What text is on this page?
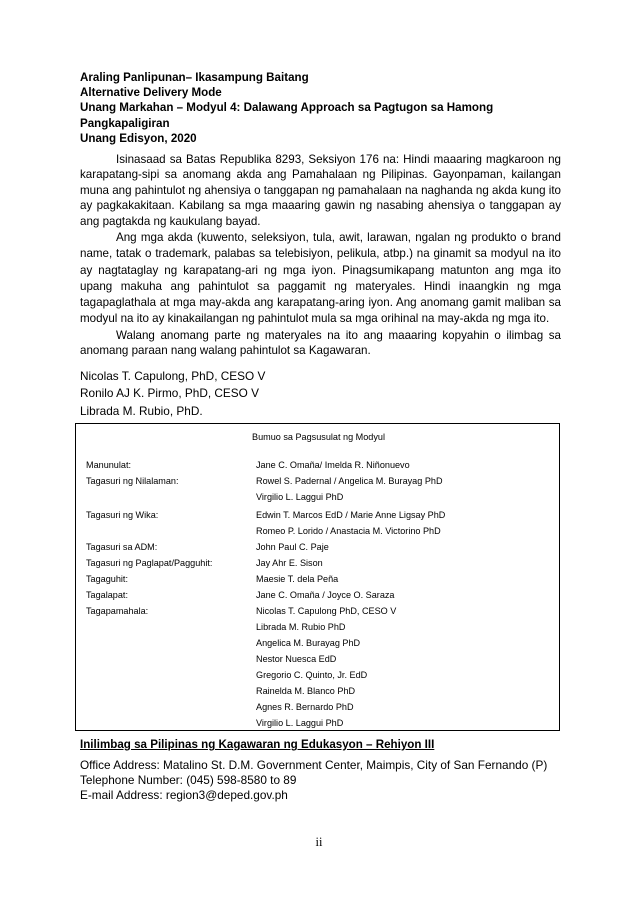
Araling Panlipunan– Ikasampung Baitang
Alternative Delivery Mode
Unang Markahan – Modyul 4: Dalawang Approach sa Pagtugon sa Hamong
Pangkapaligiran
Unang Edisyon, 2020

Isinasaad sa Batas Republika 8293, Seksiyon 176 na: Hindi maaaring magkaroon ng karapatang-sipi sa anomang akda ang Pamahalaan ng Pilipinas. Gayonpaman, kailangan muna ang pahintulot ng ahensiya o tanggapan ng pamahalaan na naghanda ng akda kung ito ay pagkakakitaan. Kabilang sa mga maaaring gawin ng nasabing ahensiya o tanggapan ay ang pagtakda ng kaukulang bayad.

Ang mga akda (kuwento, seleksiyon, tula, awit, larawan, ngalan ng produkto o brand name, tatak o trademark, palabas sa telebisiyon, pelikula, atbp.) na ginamit sa modyul na ito ay nagtataglay ng karapatang-ari ng mga iyon. Pinagsumikapang matunton ang mga ito upang makuha ang pahintulot sa paggamit ng materyales. Hindi inaangkin ng mga tagapaglathala at mga may-akda ang karapatang-aring iyon. Ang anomang gamit maliban sa modyul na ito ay kinakailangan ng pahintulot mula sa mga orihinal na may-akda ng mga ito.

Walang anomang parte ng materyales na ito ang maaaring kopyahin o ilimbag sa anomang paraan nang walang pahintulot sa Kagawaran.

Nicolas T. Capulong, PhD, CESO V
Ronilo AJ K. Pirmo, PhD, CESO V
Librada M. Rubio, PhD.
Bumuo sa Pagsusulat ng Modyul
Manunulat:	Jane C. Omaña/ Imelda R. Niñonuevo
Tagasuri ng Nilalaman:	Rowel S. Padernal / Angelica M. Burayag PhD
Virgilio L. Laggui PhD
Tagasuri ng Wika:	Edwin T. Marcos EdD / Marie Anne Ligsay PhD
Romeo P. Lorido / Anastacia M. Victorino PhD
Tagasuri sa ADM:	John Paul C. Paje
Tagasuri ng Paglapat/Pagguhit:	Jay Ahr E. Sison
Tagaguhit:	Maesie T. dela Peña
Tagalapat:	Jane C. Omaña / Joyce O. Saraza
Tagapamahala:	Nicolas T. Capulong PhD, CESO V
Librada M. Rubio PhD
Angelica M. Burayag PhD
Nestor Nuesca EdD
Gregorio C. Quinto, Jr. EdD
Rainelda M. Blanco PhD
Agnes R. Bernardo PhD
Virgilio L. Laggui PhD
Inilimbag sa Pilipinas ng Kagawaran ng Edukasyon – Rehiyon III
Office Address: Matalino St. D.M. Government Center, Maimpis, City of San Fernando (P)
Telephone Number: (045) 598-8580 to 89
E-mail Address: region3@deped.gov.ph
ii
